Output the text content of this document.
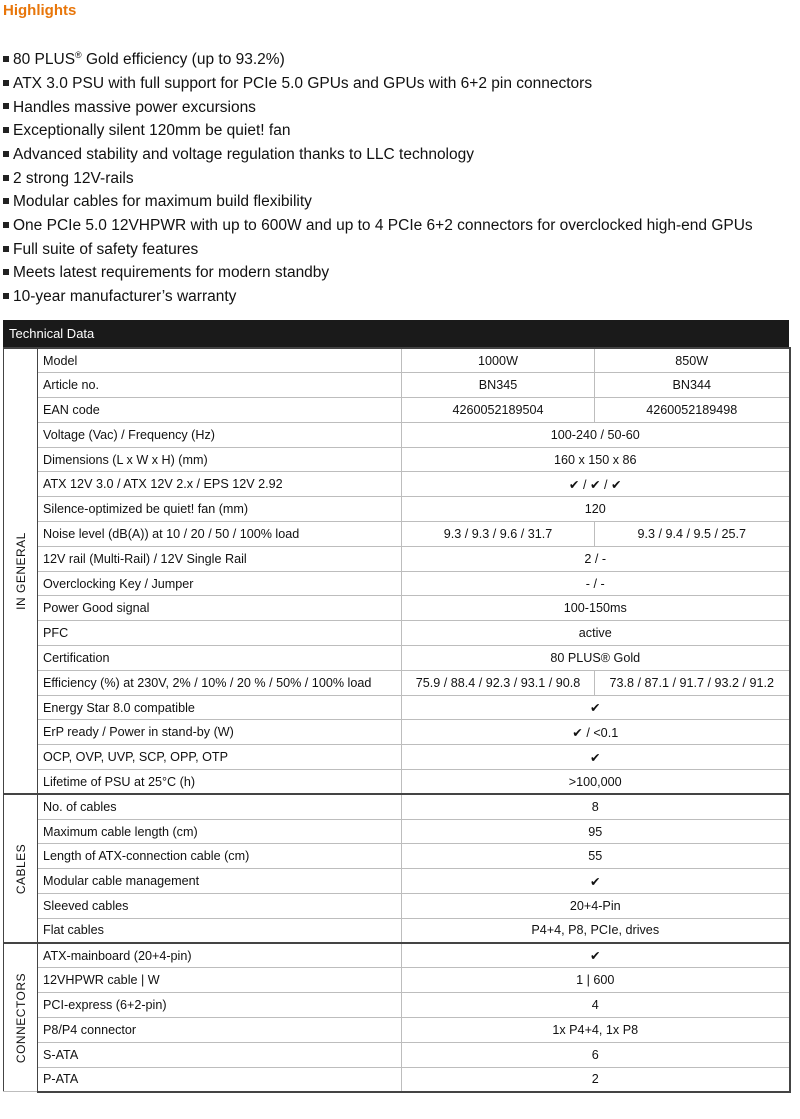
Highlights
80 PLUS® Gold efficiency (up to 93.2%)
ATX 3.0 PSU with full support for PCIe 5.0 GPUs and GPUs with 6+2 pin connectors
Handles massive power excursions
Exceptionally silent 120mm be quiet! fan
Advanced stability and voltage regulation thanks to LLC technology
2 strong 12V-rails
Modular cables for maximum build flexibility
One PCIe 5.0 12VHPWR with up to 600W and up to 4 PCIe 6+2 connectors for overclocked high-end GPUs
Full suite of safety features
Meets latest requirements for modern standby
10-year manufacturer’s warranty
Technical Data
IN GENERAL	Model	1000W	850W
	Article no.	BN345	BN344
	EAN code	4260052189504	4260052189498
	Voltage (Vac) / Frequency (Hz)	100-240 / 50-60	
	Dimensions (L x W x H) (mm)	160 x 150 x 86	
	ATX 12V 3.0 / ATX 12V 2.x / EPS 12V 2.92	✔ / ✔ / ✔	
	Silence-optimized be quiet! fan (mm)	120	
	Noise level (dB(A)) at 10 / 20 / 50 / 100% load	9.3 / 9.3 / 9.6 / 31.7	9.3 / 9.4 / 9.5 / 25.7
	12V rail (Multi-Rail) / 12V Single Rail	2 / -	
	Overclocking Key / Jumper	- / -	
	Power Good signal	100-150ms	
	PFC	active	
	Certification	80 PLUS® Gold	
	Efficiency (%) at 230V, 2% / 10% / 20 % / 50% / 100% load	75.9 / 88.4 / 92.3 / 93.1 / 90.8	73.8 / 87.1 / 91.7 / 93.2 / 91.2
	Energy Star 8.0 compatible	✔	
	ErP ready / Power in stand-by (W)	✔ / <0.1	
	OCP, OVP, UVP, SCP, OPP, OTP	✔	
	Lifetime of PSU at 25°C (h)	>100,000	

CABLES	No. of cables	8	
	Maximum cable length (cm)	95	
	Length of ATX-connection cable (cm)	55	
	Modular cable management	✔	
	Sleeved cables	20+4-Pin	
	Flat cables	P4+4, P8, PCIe, drives	

CONNECTORS	ATX-mainboard (20+4-pin)	✔	
	12VHPWR cable | W	1 | 600	
	PCI-express (6+2-pin)	4	
	P8/P4 connector	1x P4+4, 1x P8	
	S-ATA	6	
	P-ATA	2	
